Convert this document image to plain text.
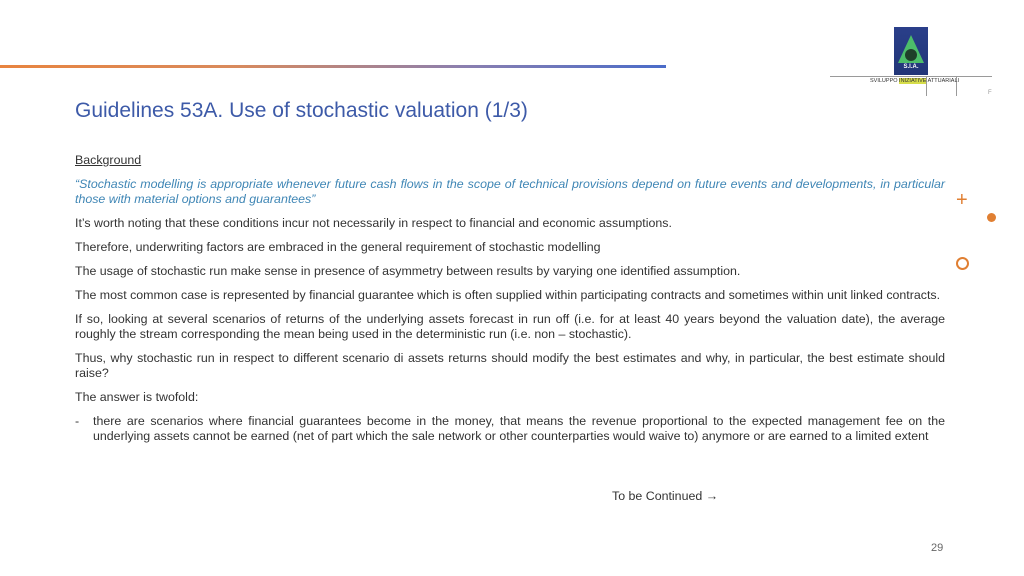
S.I.A.
SVILUPPO INIZIATIVE ATTUARIALI
F
Guidelines 53A. Use of stochastic valuation (1/3)

Background

“Stochastic modelling is appropriate whenever future cash flows in the scope of technical provisions depend on future events and developments, in particular those with material options and guarantees”

It’s worth noting that these conditions incur not necessarily in respect to financial and economic assumptions.

Therefore, underwriting factors are embraced in the general requirement of stochastic modelling

The usage of stochastic run make sense in presence of asymmetry between results by varying one identified assumption.

The most common case is represented by financial guarantee which is often supplied within participating contracts and sometimes within unit linked contracts.

If so, looking at several scenarios of returns of the underlying assets forecast in run off (i.e. for at least 40 years beyond the valuation date), the average roughly the stream corresponding the mean being used in the deterministic run (i.e. non – stochastic).

Thus, why stochastic run in respect to different scenario di assets returns should modify the best estimates and why, in particular, the best estimate should raise?

The answer is twofold:

-	there are scenarios where financial guarantees become in the money, that means the revenue proportional to the expected management fee on the underlying assets cannot be earned (net of part which the sale network or other counterparties would waive to) anymore or are earned to a limited extent
To be Continued →
29
+
